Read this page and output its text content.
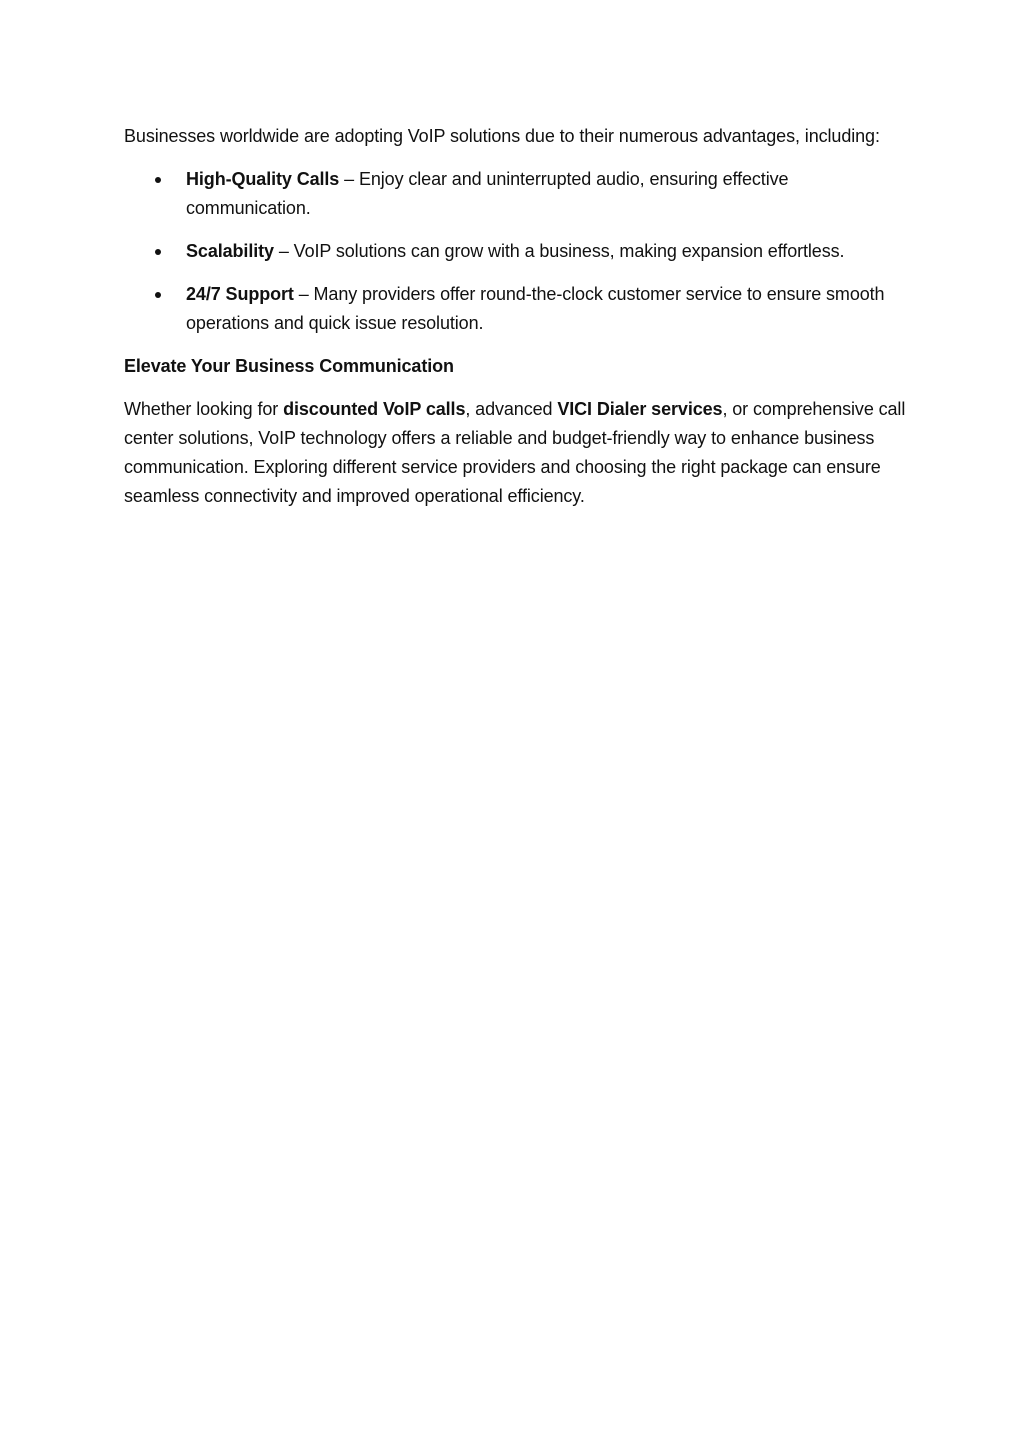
Businesses worldwide are adopting VoIP solutions due to their numerous advantages, including:

High-Quality Calls – Enjoy clear and uninterrupted audio, ensuring effective communication.
Scalability – VoIP solutions can grow with a business, making expansion effortless.
24/7 Support – Many providers offer round-the-clock customer service to ensure smooth operations and quick issue resolution.

Elevate Your Business Communication

Whether looking for discounted VoIP calls, advanced VICI Dialer services, or comprehensive call center solutions, VoIP technology offers a reliable and budget-friendly way to enhance business communication. Exploring different service providers and choosing the right package can ensure seamless connectivity and improved operational efficiency.
